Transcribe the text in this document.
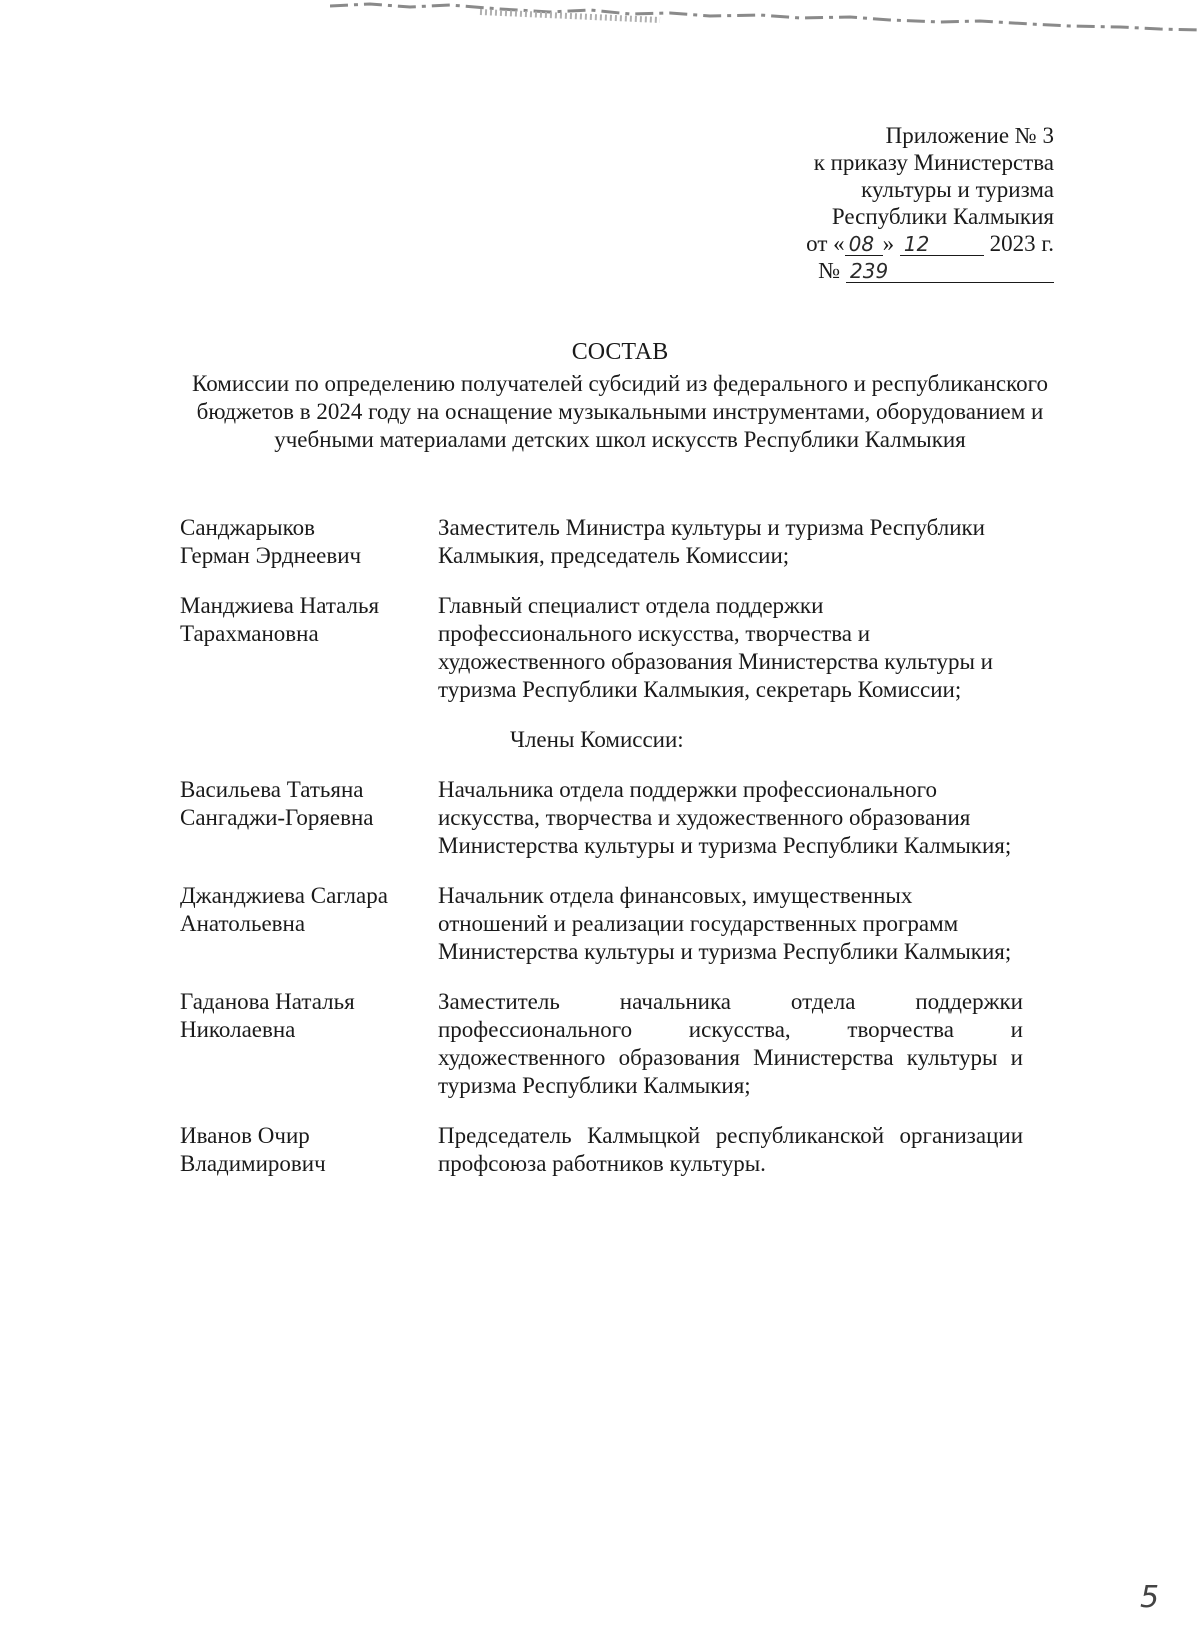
Приложение № 3
к приказу Министерства
культуры и туризма
Республики Калмыкия
от « 08 » 12	2023 г.
№ 239
СОСТАВ
Комиссии по определению получателей субсидий из федерального и республиканского бюджетов в 2024 году на оснащение музыкальными инструментами, оборудованием и учебными материалами детских школ искусств Республики Калмыкия
Санджарыков
Герман Эрднеевич
Заместитель Министра культуры и туризма Республики Калмыкия, председатель Комиссии;
Манджиева Наталья
Тарахмановна
Главный специалист отдела поддержки профессионального искусства, творчества и художественного образования Министерства культуры и туризма Республики Калмыкия, секретарь Комиссии;
Члены Комиссии:
Васильева Татьяна
Сангаджи-Горяевна
Начальника отдела поддержки профессионального искусства, творчества и художественного образования Министерства культуры и туризма Республики Калмыкия;
Джанджиева Саглара
Анатольевна
Начальник отдела финансовых, имущественных отношений и реализации государственных программ Министерства культуры и туризма Республики Калмыкия;
Гаданова Наталья
Николаевна
Заместитель начальника отдела поддержки профессионального искусства, творчества и художественного образования Министерства культуры и туризма Республики Калмыкия;
Иванов Очир
Владимирович
Председатель Калмыцкой республиканской организации профсоюза работников культуры.
5
